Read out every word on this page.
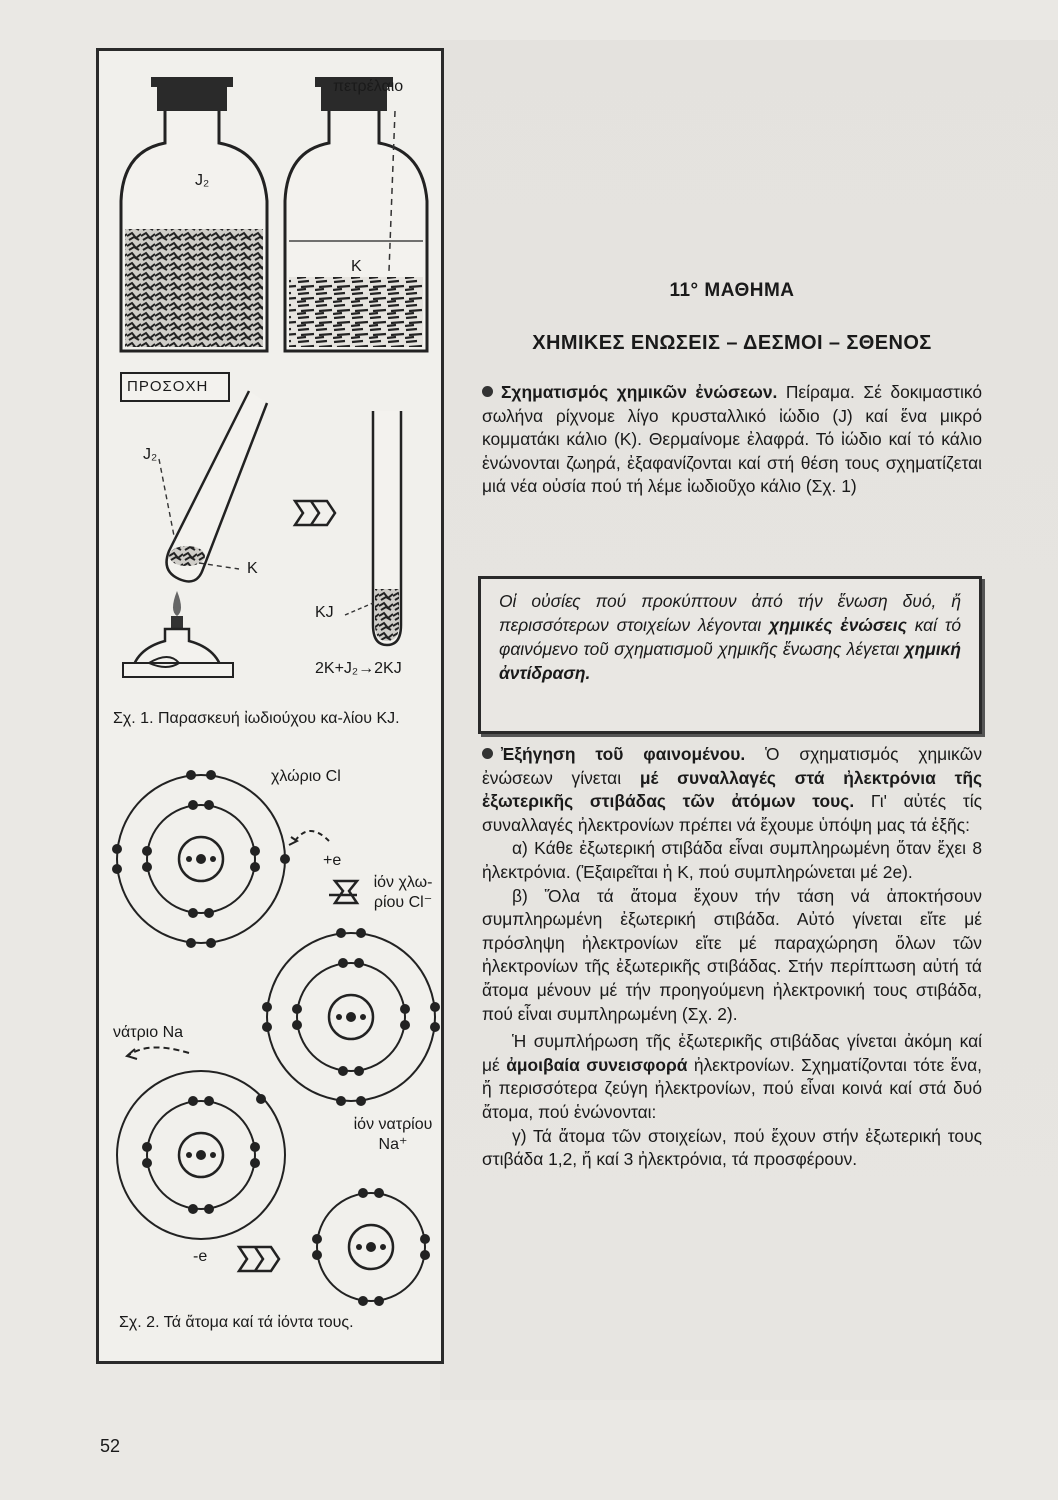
πετρέλαιο
J₂
K
ΠΡΟΣΟΧΗ
J₂
K
KJ
2K+J₂→2KJ
Σχ. 1. Παρασκευή ἰωδιούχου κα-λίου KJ.
χλώριο Cl
+e
ἰόν χλω-ρίου Cl⁻
νάτριο Na
ἰόν νατρίου Na⁺
-e
Σχ. 2. Τά ἄτομα καί τά ἰόντα τους.
11° ΜΑΘΗΜΑ
ΧΗΜΙΚΕΣ ΕΝΩΣΕΙΣ – ΔΕΣΜΟΙ – ΣΘΕΝΟΣ

Σχηματισμός χημικῶν ἐνώσεων. Πείραμα. Σέ δοκιμαστικό σωλήνα ρίχνομε λίγο κρυσταλλικό ἰώδιο (J) καί ἕνα μικρό κομματάκι κάλιο (K). Θερμαίνομε ἐλαφρά. Τό ἰώδιο καί τό κάλιο ἑνώνονται ζωηρά, ἐξαφανίζονται καί στή θέση τους σχηματίζεται μιά νέα οὐσία πού τή λέμε ἰωδιοῦχο κάλιο (Σχ. 1)

Οἱ οὐσίες πού προκύπτουν ἀπό τήν ἕνωση δυό, ἤ περισσότερων στοιχείων λέγονται χημικές ἐνώσεις καί τό φαινόμενο τοῦ σχηματισμοῦ χημικῆς ἕνωσης λέγεται χημική ἀντίδραση.

Ἐξήγηση τοῦ φαινομένου. Ὁ σχηματισμός χημικῶν ἐνώσεων γίνεται μέ συναλλαγές στά ἠλεκτρόνια τῆς ἐξωτερικῆς στιβάδας τῶν ἀτόμων τους. Γι' αὐτές τίς συναλλαγές ἠλεκτρονίων πρέπει νά ἔχουμε ὑπόψη μας τά ἑξῆς:

α) Κάθε ἐξωτερική στιβάδα εἶναι συμπληρωμένη ὅταν ἔχει 8 ἠλεκτρόνια. (Ἐξαιρεῖται ἡ K, πού συμπληρώνεται μέ 2e).

β) Ὅλα τά ἄτομα ἔχουν τήν τάση νά ἀποκτήσουν συμπληρωμένη ἐξωτερική στιβάδα. Αὐτό γίνεται εἴτε μέ πρόσληψη ἠλεκτρονίων εἴτε μέ παραχώρηση ὅλων τῶν ἠλεκτρονίων τῆς ἐξωτερικῆς στιβάδας. Στήν περίπτωση αὐτή τά ἄτομα μένουν μέ τήν προηγούμενη ἠλεκτρονική τους στιβάδα, πού εἶναι συμπληρωμένη (Σχ. 2).

Ἡ συμπλήρωση τῆς ἐξωτερικῆς στιβάδας γίνεται ἀκόμη καί μέ ἀμοιβαία συνεισφορά ἠλεκτρονίων. Σχηματίζονται τότε ἕνα, ἤ περισσότερα ζεύγη ἠλεκτρονίων, πού εἶναι κοινά καί στά δυό ἄτομα, πού ἑνώνονται:

γ) Τά ἄτομα τῶν στοιχείων, πού ἔχουν στήν ἐξωτερική τους στιβάδα 1,2, ἤ καί 3 ἠλεκτρόνια, τά προσφέρουν.

52
